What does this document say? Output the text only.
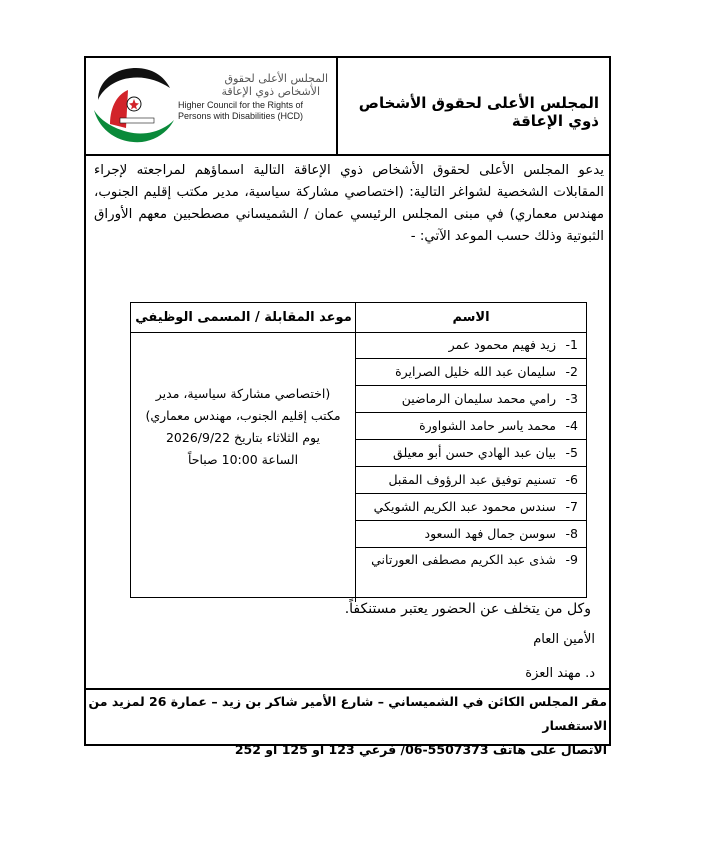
المجلس الأعلى لحقوق
الأشخاص ذوي الإعاقة
Higher Council for the Rights of
Persons with Disabilities (HCD)
المجلس الأعلى لحقوق الأشخاص ذوي الإعاقة
يدعو المجلس الأعلى لحقوق الأشخاص ذوي الإعاقة التالية اسماؤهم لمراجعته لإجراء المقابلات الشخصية لشواغر التالية: (اختصاصي مشاركة سياسية، مدير مكتب إقليم الجنوب، مهندس معماري) في مبنى المجلس الرئيسي عمان / الشميساني مصطحبين معهم الأوراق الثبوتية وذلك حسب الموعد الآتي: -
الاسم
موعد المقابلة / المسمى الوظيفي
1- زيد فهيم محمود عمر
2- سليمان عبد الله خليل الصرايرة
3- رامي محمد سليمان الرماضين
4- محمد ياسر حامد الشواورة
5- بيان عبد الهادي حسن أبو معيلق
6- تسنيم توفيق عبد الرؤوف المقبل
7- سندس محمود عبد الكريم الشويكي
8- سوسن جمال فهد السعود
9- شذى عبد الكريم مصطفى العورتاني
(اختصاصي مشاركة سياسية، مدير
مكتب إقليم الجنوب، مهندس معماري)
يوم الثلاثاء بتاريخ 2026/9/22
الساعة 10:00 صباحاً
وكل من يتخلف عن الحضور يعتبر مستنكفاً.
الأمين العام
د. مهند العزة
مقر المجلس الكائن في الشميساني – شارع الأمير شاكر بن زيد – عمارة 26 لمزيد من الاستفسار
الاتصال على هاتف 5507373-06/ فرعي 123 او 125 او 252
